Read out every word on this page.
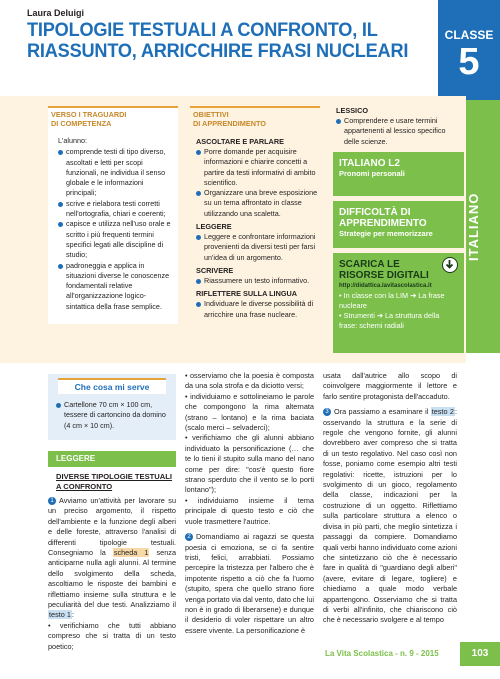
Laura Deluigi
TIPOLOGIE TESTUALI A CONFRONTO, IL RIASSUNTO, ARRICCHIRE FRASI NUCLEARI
CLASSE
5
VERSO I TRAGUARDI
DI COMPETENZA
L'alunno:
comprende testi di tipo diverso, ascoltati e letti per scopi funzionali, ne individua il senso globale e le informazioni principali;
scrive e rielabora testi corretti nell'ortografia, chiari e coerenti;
capisce e utilizza nell'uso orale e scritto i più frequenti termini specifici legati alle discipline di studio;
padroneggia e applica in situazioni diverse le conoscenze fondamentali relative all'organizzazione logico-sintattica della frase semplice.
OBIETTIVI
DI APPRENDIMENTO
ASCOLTARE E PARLARE
Porre domande per acquisire informazioni e chiarire concetti a partire da testi informativi di ambito scientifico.
Organizzare una breve esposizione su un tema affrontato in classe utilizzando una scaletta.
LEGGERE
Leggere e confrontare informazioni provenienti da diversi testi per farsi un'idea di un argomento.
SCRIVERE
Riassumere un testo informativo.
RIFLETTERE SULLA LINGUA
Individuare le diverse possibilità di arricchire una frase nucleare.
LESSICO
Comprendere e usare termini appartenenti al lessico specifico delle scienze.
ITALIANO L2
Pronomi personali
DIFFICOLTÀ DI
APPRENDIMENTO
Strategie per memorizzare
SCARICA LE
RISORSE DIGITALI
http://didattica.lavitascolastica.it
• In classe con la LIM ➔ La frase nucleare
• Strumenti ➔ La struttura della frase: schemi radiali
ITALIANO
Che cosa mi serve
Cartellone 70 cm × 100 cm, tessere di cartoncino da domino (4 cm × 10 cm).
LEGGERE
DIVERSE TIPOLOGIE TESTUALI
A CONFRONTO
1 Avviamo un'attività per lavorare su un preciso argomento, il rispetto dell'ambiente e la funzione degli alberi e delle foreste, attraverso l'analisi di differenti tipologie testuali. Consegniamo la scheda 1 senza anticiparne nulla agli alunni. Al termine dello svolgimento della scheda, ascoltiamo le risposte dei bambini e riflettiamo insieme sulla struttura e le peculiarità del due testi. Analizziamo il testo 1:
• verifichiamo che tutti abbiano compreso che si tratta di un testo poetico;
• osserviamo che la poesia è composta da una sola strofa e da diciotto versi;
• individuiamo e sottolineiamo le parole che compongono la rima alternata (strano – lontano) e la rima baciata (scalo merci – selvaderci);
• verifichiamo che gli alunni abbiano individuato la personificazione (… che te lo tieni il stupito sulla mano del nano come per dire: "cos'è questo fiore strano sperduto che il vento se lo porti lontano");
• individuiamo insieme il tema principale di questo testo e ciò che vuole trasmettere l'autrice.
2 Domandiamo ai ragazzi se questa poesia ci emoziona, se ci fa sentire tristi, felici, arrabbiati. Possiamo percepire la tristezza per l'albero che è impotente rispetto a ciò che fa l'uomo (stupito, spera che quello strano fiore venga portato via dal vento, dato che lui non è in grado di liberarsene) e dunque il desiderio di voler rispettare un altro essere vivente. La personificazione è
usata dall'autrice allo scopo di coinvolgere maggiormente il lettore e farlo sentire protagonista dell'accaduto.
3 Ora passiamo a esaminare il testo 2: osservando la struttura e la serie di regole che vengono fornite, gli alunni dovrebbero aver compreso che si tratta di un testo regolativo. Nel caso così non fosse, poniamo come esempio altri testi regolativi: ricette, istruzioni per lo svolgimento di un gioco, regolamento della classe, indicazioni per la costruzione di un oggetto. Riflettiamo sulla particolare struttura a elenco o divisa in più parti, che meglio sintetizza i passaggi da compiere. Domandiamo quali verbi hanno individuato come azioni che sintetizzano ciò che è necessario fare in qualità di "guardiano degli alberi" (avere, evitare di legare, togliere) e chiediamo a quale modo verbale appartengono. Osserviamo che si tratta di verbi all'infinito, che chiariscono ciò che è necessario svolgere e al tempo
La Vita Scolastica - n. 9 - 2015	103
